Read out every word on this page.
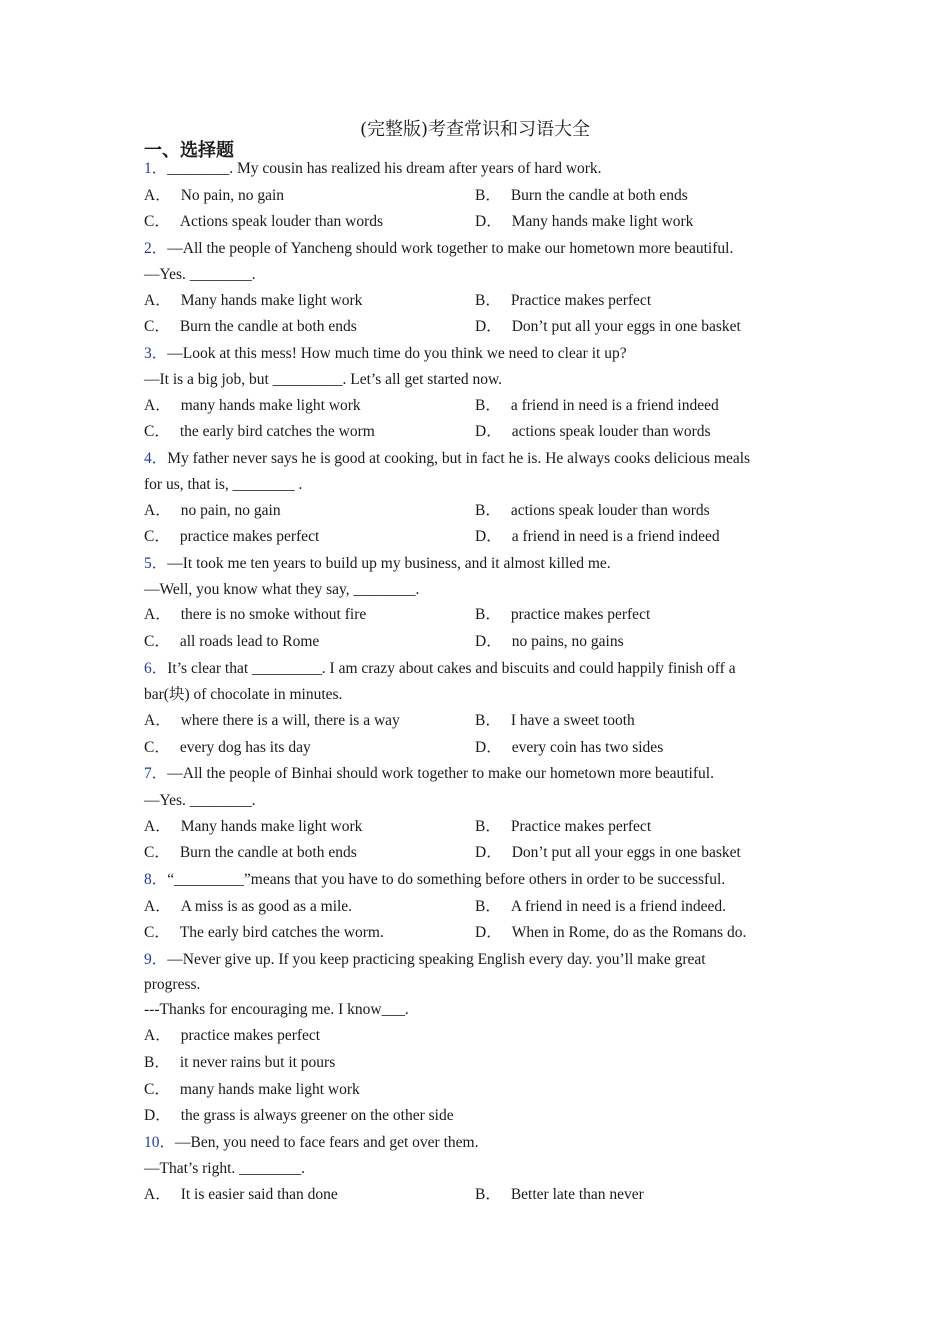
(完整版)考查常识和习语大全
一、选择题
1．________. My cousin has realized his dream after years of hard work.
A． No pain, no gain	B． Burn the candle at both ends
C． Actions speak louder than words	D． Many hands make light work
2．—All the people of Yancheng should work together to make our hometown more beautiful.
—Yes. ________.
A． Many hands make light work	B． Practice makes perfect
C． Burn the candle at both ends	D． Don’t put all your eggs in one basket
3．—Look at this mess! How much time do you think we need to clear it up?
—It is a big job, but _________. Let’s all get started now.
A． many hands make light work	B． a friend in need is a friend indeed
C． the early bird catches the worm	D． actions speak louder than words
4．My father never says he is good at cooking, but in fact he is. He always cooks delicious meals
for us, that is, ________ .
A． no pain, no gain	B． actions speak louder than words
C． practice makes perfect	D． a friend in need is a friend indeed
5．—It took me ten years to build up my business, and it almost killed me.
—Well, you know what they say, ________.
A． there is no smoke without fire	B． practice makes perfect
C． all roads lead to Rome	D． no pains, no gains
6．It’s clear that _________. I am crazy about cakes and biscuits and could happily finish off a
bar(块) of chocolate in minutes.
A． where there is a will, there is a way	B． I have a sweet tooth
C． every dog has its day	D． every coin has two sides
7．—All the people of Binhai should work together to make our hometown more beautiful.
—Yes. ________.
A． Many hands make light work	B． Practice makes perfect
C． Burn the candle at both ends	D． Don’t put all your eggs in one basket
8．“_________”means that you have to do something before others in order to be successful.
A． A miss is as good as a mile.	B． A friend in need is a friend indeed.
C． The early bird catches the worm.	D． When in Rome, do as the Romans do.
9．—Never give up. If you keep practicing speaking English every day. you’ll make great
progress.
---Thanks for encouraging me. I know___.
A． practice makes perfect
B． it never rains but it pours
C． many hands make light work
D． the grass is always greener on the other side
10．—Ben, you need to face fears and get over them.
—That’s right. ________.
A． It is easier said than done	B． Better late than never
